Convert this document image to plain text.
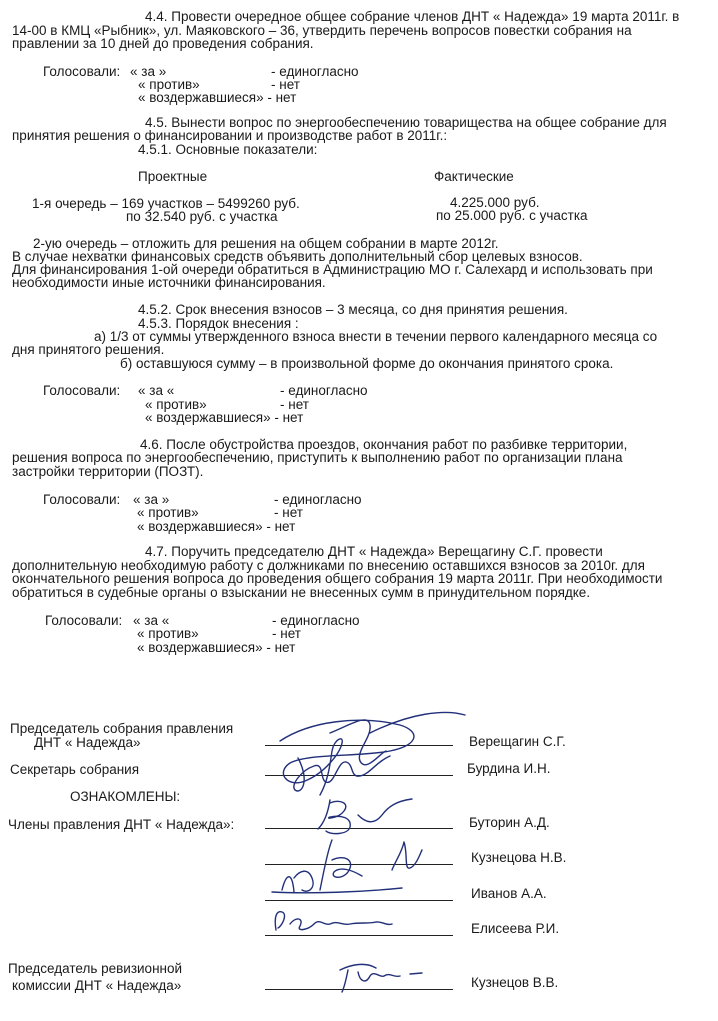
4.4. Провести очередное общее собрание членов ДНТ « Надежда» 19 марта 2011г. в
14-00 в КМЦ «Рыбник», ул. Маяковского – 36, утвердить перечень вопросов повестки собрания на
правлении за 10 дней до проведения собрания.
Голосовали: « за »	- единогласно
« против»	- нет
« воздержавшиеся» - нет
4.5. Вынести вопрос по энергообеспечению товарищества на общее собрание для
принятия решения о финансировании и производстве работ в 2011г.:
4.5.1. Основные показатели:
Проектные	Фактические
1-я очередь – 169 участков – 5499260 руб.	4.225.000 руб.
по 32.540 руб. с участка	по 25.000 руб. с участка
2-ую очередь – отложить для решения на общем собрании в марте 2012г.
В случае нехватки финансовых средств объявить дополнительный сбор целевых взносов.
Для финансирования 1-ой очереди обратиться в Администрацию МО г. Салехард и использовать при
необходимости иные источники финансирования.
4.5.2. Срок внесения взносов – 3 месяца, со дня принятия решения.
4.5.3. Порядок внесения :
а) 1/3 от суммы утвержденного взноса внести в течении первого календарного месяца со
дня принятого решения.
б) оставшуюся сумму – в произвольной форме до окончания принятого срока.
Голосовали: « за «	- единогласно
« против»	- нет
« воздержавшиеся» - нет
4.6. После обустройства проездов, окончания работ по разбивке территории,
решения вопроса по энергообеспечению, приступить к выполнению работ по организации плана
застройки территории (ПОЗТ).
Голосовали: « за »	- единогласно
« против»	- нет
« воздержавшиеся» - нет
4.7. Поручить председателю ДНТ « Надежда» Верещагину С.Г. провести
дополнительную необходимую работу с должниками по внесению оставшихся взносов за 2010г. для
окончательного решения вопроса до проведения общего собрания 19 марта 2011г. При необходимости
обратиться в судебные органы о взыскании не внесенных сумм в принудительном порядке.
Голосовали: « за «	- единогласно
« против»	- нет
« воздержавшиеся» - нет
Председатель собрания правления
ДНТ « Надежда»	Верещагин С.Г.
Секретарь собрания	Бурдина И.Н.
ОЗНАКОМЛЕНЫ:
Члены правления ДНТ « Надежда»:	Буторин А.Д.
Кузнецова Н.В.
Иванов А.А.
Елисеева Р.И.
Председатель ревизионной
комиссии ДНТ « Надежда»	Кузнецов В.В.
